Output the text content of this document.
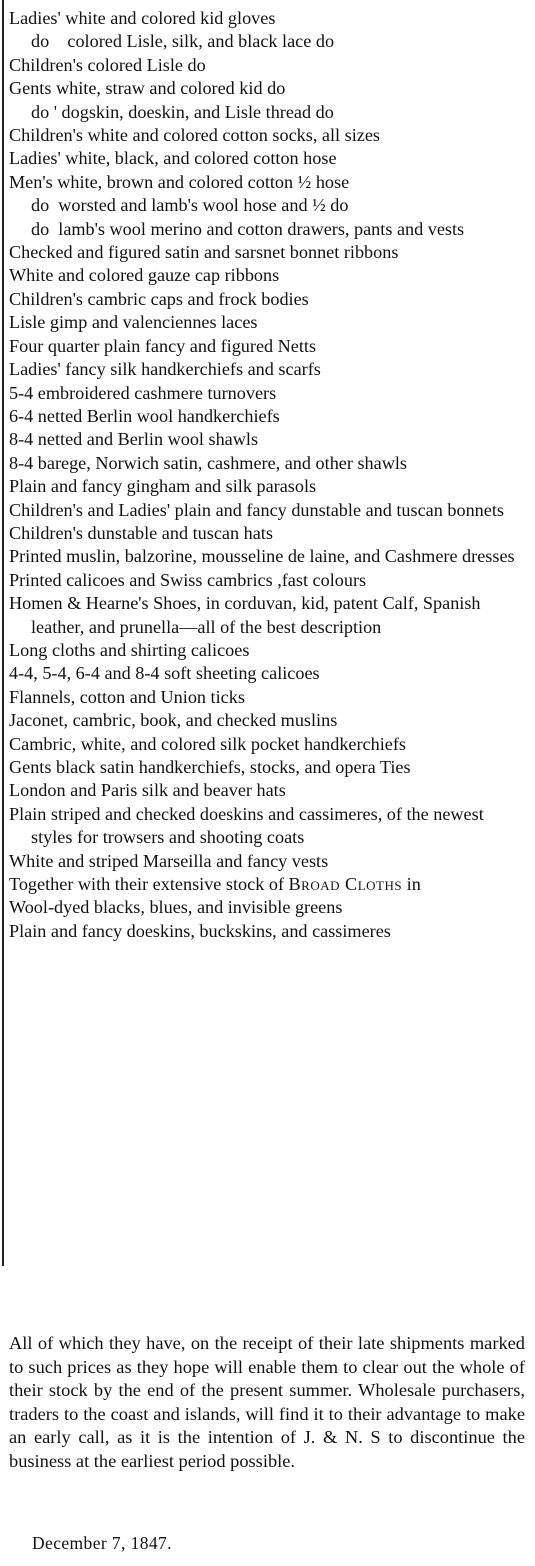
Ladies' white and colored kid gloves
do    colored Lisle, silk, and black lace do
Children's colored Lisle do
Gents white, straw and colored kid do
do ' dogskin, doeskin, and Lisle thread do
Children's white and colored cotton socks, all sizes
Ladies' white, black, and colored cotton hose
Men's white, brown and colored cotton ½ hose
do  worsted and lamb's wool hose and ½ do
do  lamb's wool merino and cotton drawers, pants and vests
Checked and figured satin and sarsnet bonnet ribbons
White and colored gauze cap ribbons
Children's cambric caps and frock bodies
Lisle gimp and valenciennes laces
Four quarter plain fancy and figured Netts
Ladies' fancy silk handkerchiefs and scarfs
5-4 embroidered cashmere turnovers
6-4 netted Berlin wool handkerchiefs
8-4 netted and Berlin wool shawls
8-4 barege, Norwich satin, cashmere, and other shawls
Plain and fancy gingham and silk parasols
Children's and Ladies' plain and fancy dunstable and tuscan bonnets
Children's dunstable and tuscan hats
Printed muslin, balzorine, mousseline de laine, and Cashmere dresses
Printed calicoes and Swiss cambrics ,fast colours
Homen & Hearne's Shoes, in corduvan, kid, patent Calf, Spanish leather, and prunella—all of the best description
Long cloths and shirting calicoes
4-4, 5-4, 6-4 and 8-4 soft sheeting calicoes
Flannels, cotton and Union ticks
Jaconet, cambric, book, and checked muslins
Cambric, white, and colored silk pocket handkerchiefs
Gents black satin handkerchiefs, stocks, and opera Ties
London and Paris silk and beaver hats
Plain striped and checked doeskins and cassimeres, of the newest styles for trowsers and shooting coats
White and striped Marseilla and fancy vests
Together with their extensive stock of Broad Cloths in
Wool-dyed blacks, blues, and invisible greens
Plain and fancy doeskins, buckskins, and cassimeres
All of which they have, on the receipt of their late shipments marked to such prices as they hope will enable them to clear out the whole of their stock by the end of the present summer. Wholesale purchasers, traders to the coast and islands, will find it to their advantage to make an early call, as it is the intention of J. & N. S to discontinue the business at the earliest period possible.
December 7, 1847.
